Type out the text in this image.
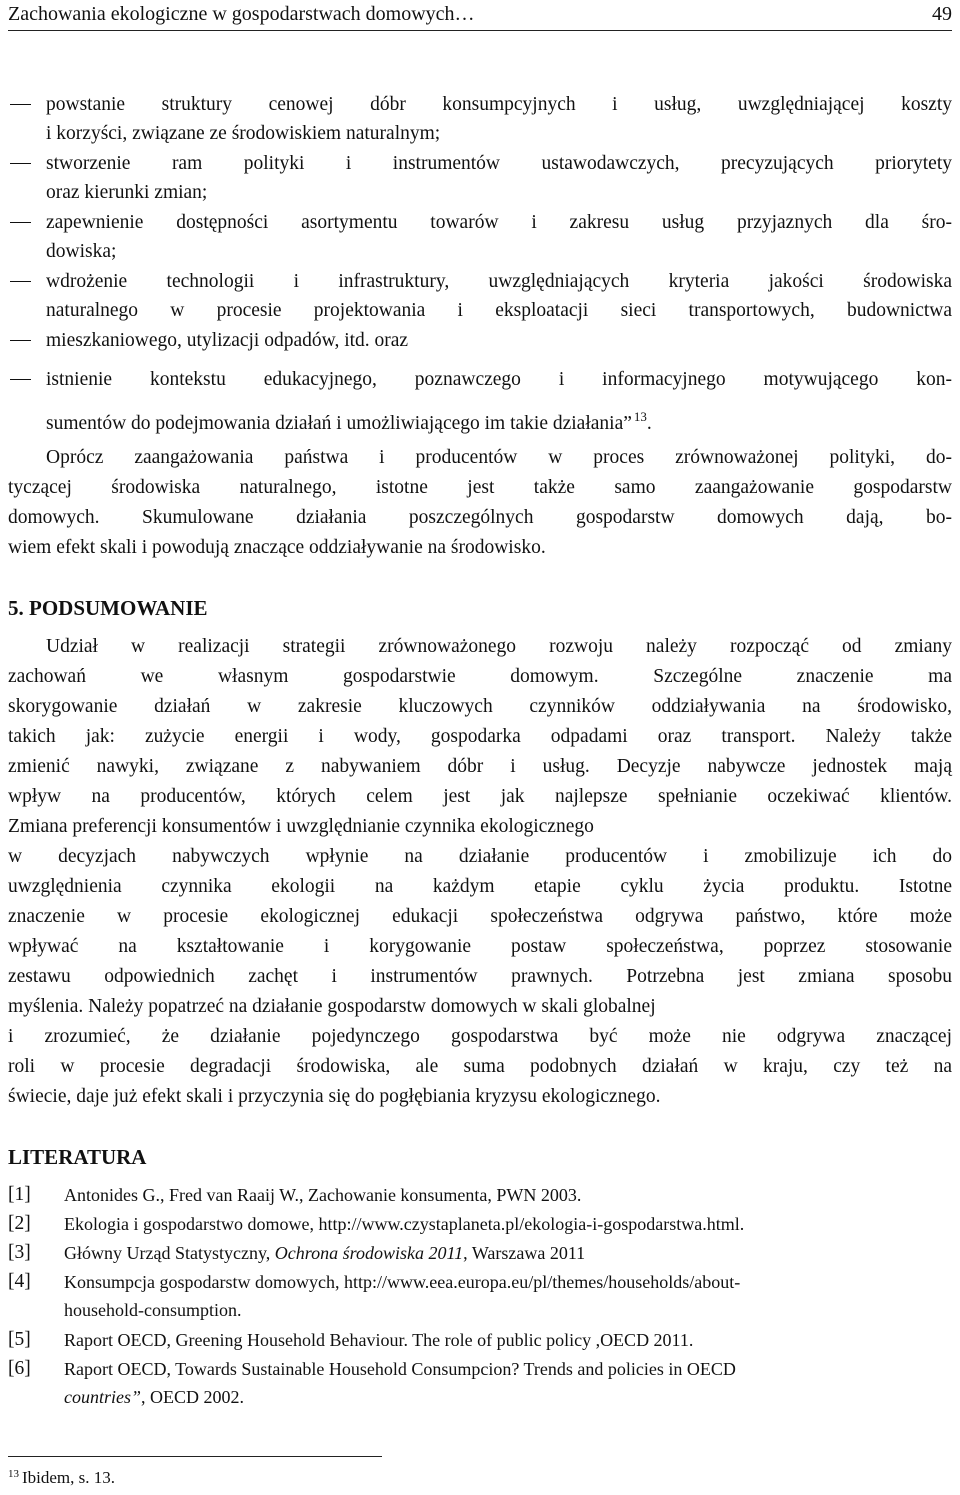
Zachowania ekologiczne w gospodarstwach domowych…	49
powstanie struktury cenowej dóbr konsumpcyjnych i usług, uwzględniającej koszty
i korzyści, związane ze środowiskiem naturalnym;
stworzenie ram polityki i instrumentów ustawodawczych, precyzujących priorytety
oraz kierunki zmian;
zapewnienie dostępności asortymentu towarów i zakresu usług przyjaznych dla śro-
dowiska;
wdrożenie technologii i infrastruktury, uwzględniających kryteria jakości środowiska
naturalnego w procesie projektowania i eksploatacji sieci transportowych, budownictwa
mieszkaniowego, utylizacji odpadów, itd. oraz
istnienie kontekstu edukacyjnego, poznawczego i informacyjnego motywującego kon-
sumentów do podejmowania działań i umożliwiającego im takie działania” $^{13}$.
Oprócz zaangażowania państwa i producentów w proces zrównoważonej polityki, do-
tyczącej środowiska naturalnego, istotne jest także samo zaangażowanie gospodarstw
domowych. Skumulowane działania poszczególnych gospodarstw domowych dają, bo-
wiem efekt skali i powodują znaczące oddziaływanie na środowisko.
5. PODSUMOWANIE
Udział w realizacji strategii zrównoważonego rozwoju należy rozpocząć od zmiany
zachowań we własnym gospodarstwie domowym. Szczególne znaczenie ma
skorygowanie działań w zakresie kluczowych czynników oddziaływania na środowisko,
takich jak: zużycie energii i wody, gospodarka odpadami oraz transport. Należy także
zmienić nawyki, związane z nabywaniem dóbr i usług. Decyzje nabywcze jednostek mają
wpływ na producentów, których celem jest jak najlepsze spełnianie oczekiwać klientów.
Zmiana preferencji konsumentów i uwzględnianie czynnika ekologicznego
w decyzjach nabywczych wpłynie na działanie producentów i zmobilizuje ich do
uwzględnienia czynnika ekologii na każdym etapie cyklu życia produktu. Istotne
znaczenie w procesie ekologicznej edukacji społeczeństwa odgrywa państwo, które może
wpływać na kształtowanie i korygowanie postaw społeczeństwa, poprzez stosowanie
zestawu odpowiednich zachęt i instrumentów prawnych. Potrzebna jest zmiana sposobu
myślenia. Należy popatrzeć na działanie gospodarstw domowych w skali globalnej
i zrozumieć, że działanie pojedynczego gospodarstwa być może nie odgrywa znaczącej
roli w procesie degradacji środowiska, ale suma podobnych działań w kraju, czy też na
świecie, daje już efekt skali i przyczynia się do pogłębiania kryzysu ekologicznego.
LITERATURA
[1] Antonides G., Fred van Raaij W., Zachowanie konsumenta, PWN 2003.
[2] Ekologia i gospodarstwo domowe, http://www.czystaplaneta.pl/ekologia-i-gospodarstwa.html.
[3] Główny Urząd Statystyczny, Ochrona środowiska 2011, Warszawa 2011
[4] Konsumpcja gospodarstw domowych, http://www.eea.europa.eu/pl/themes/households/about-
household-consumption.
[5] Raport OECD, Greening Household Behaviour. The role of public policy ,OECD 2011.
[6] Raport OECD, Towards Sustainable Household Consumpcion? Trends and policies in OECD
countries”, OECD 2002.
$^{13}$ Ibidem, s. 13.
